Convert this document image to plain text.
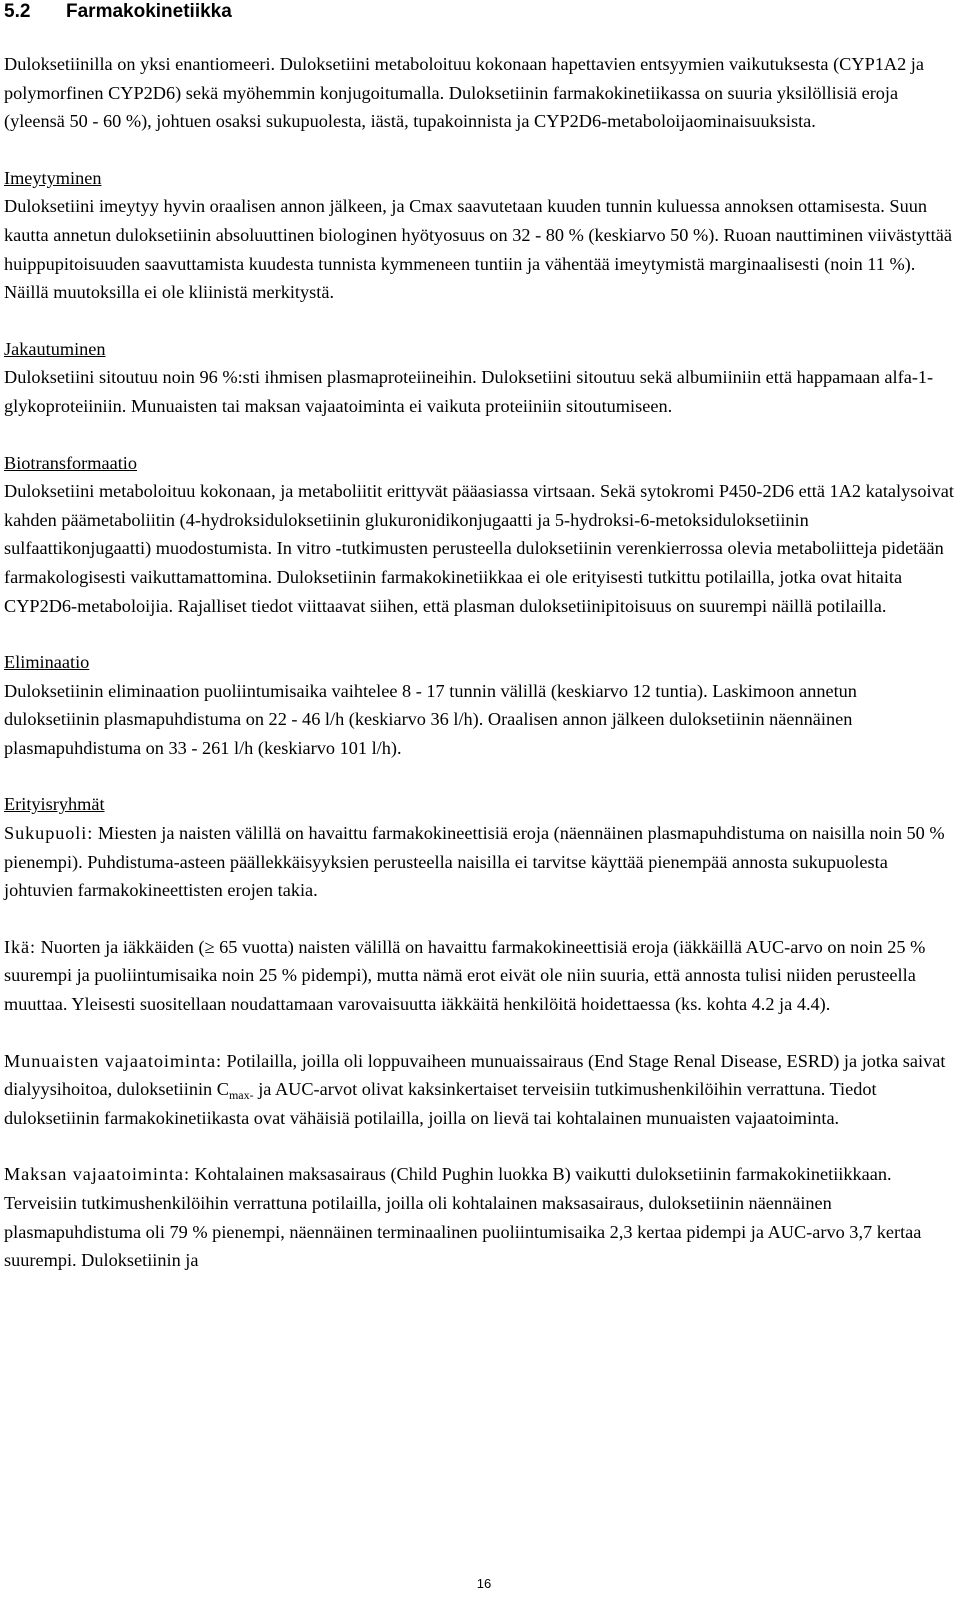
5.2 Farmakokinetiikka

Duloksetiinilla on yksi enantiomeeri. Duloksetiini metaboloituu kokonaan hapettavien entsyymien vaikutuksesta (CYP1A2 ja polymorfinen CYP2D6) sekä myöhemmin konjugoitumalla. Duloksetiinin farmakokinetiikassa on suuria yksilöllisiä eroja (yleensä 50 - 60 %), johtuen osaksi sukupuolesta, iästä, tupakoinnista ja CYP2D6-metaboloijaominaisuuksista.

Imeytyminen

Duloksetiini imeytyy hyvin oraalisen annon jälkeen, ja Cmax saavutetaan kuuden tunnin kuluessa annoksen ottamisesta. Suun kautta annetun duloksetiinin absoluuttinen biologinen hyötyosuus on 32 - 80 % (keskiarvo 50 %). Ruoan nauttiminen viivästyttää huippupitoisuuden saavuttamista kuudesta tunnista kymmeneen tuntiin ja vähentää imeytymistä marginaalisesti (noin 11 %). Näillä muutoksilla ei ole kliinistä merkitystä.

Jakautuminen

Duloksetiini sitoutuu noin 96 %:sti ihmisen plasmaproteiineihin. Duloksetiini sitoutuu sekä albumiiniin että happamaan alfa-1-glykoproteiiniin. Munuaisten tai maksan vajaatoiminta ei vaikuta proteiiniin sitoutumiseen.

Biotransformaatio

Duloksetiini metaboloituu kokonaan, ja metaboliitit erittyvät pääasiassa virtsaan. Sekä sytokromi P450-2D6 että 1A2 katalysoivat kahden päämetaboliitin (4-hydroksiduloksetiinin glukuronidikonjugaatti ja 5-hydroksi-6-metoksiduloksetiinin sulfaattikonjugaatti) muodostumista. In vitro -tutkimusten perusteella duloksetiinin verenkierrossa olevia metaboliitteja pidetään farmakologisesti vaikuttamattomina. Duloksetiinin farmakokinetiikkaa ei ole erityisesti tutkittu potilailla, jotka ovat hitaita CYP2D6-metaboloijia. Rajalliset tiedot viittaavat siihen, että plasman duloksetiinipitoisuus on suurempi näillä potilailla.

Eliminaatio

Duloksetiinin eliminaation puoliintumisaika vaihtelee 8 - 17 tunnin välillä (keskiarvo 12 tuntia). Laskimoon annetun duloksetiinin plasmapuhdistuma on 22 - 46 l/h (keskiarvo 36 l/h). Oraalisen annon jälkeen duloksetiinin näennäinen plasmapuhdistuma on 33 - 261 l/h (keskiarvo 101 l/h).

Erityisryhmät

Sukupuoli: Miesten ja naisten välillä on havaittu farmakokineettisiä eroja (näennäinen plasmapuhdistuma on naisilla noin 50 % pienempi). Puhdistuma-asteen päällekkäisyyksien perusteella naisilla ei tarvitse käyttää pienempää annosta sukupuolesta johtuvien farmakokineettisten erojen takia.

Ikä: Nuorten ja iäkkäiden (≥ 65 vuotta) naisten välillä on havaittu farmakokineettisiä eroja (iäkkäillä AUC-arvo on noin 25 % suurempi ja puoliintumisaika noin 25 % pidempi), mutta nämä erot eivät ole niin suuria, että annosta tulisi niiden perusteella muuttaa. Yleisesti suositellaan noudattamaan varovaisuutta iäkkäitä henkilöitä hoidettaessa (ks. kohta 4.2 ja 4.4).

Munuaisten vajaatoiminta: Potilailla, joilla oli loppuvaiheen munuaissairaus (End Stage Renal Disease, ESRD) ja jotka saivat dialyysihoitoa, duloksetiinin $C_{max-}$ ja AUC-arvot olivat kaksinkertaiset terveisiin tutkimushenkilöihin verrattuna. Tiedot duloksetiinin farmakokinetiikasta ovat vähäisiä potilailla, joilla on lievä tai kohtalainen munuaisten vajaatoiminta.

Maksan vajaatoiminta: Kohtalainen maksasairaus (Child Pughin luokka B) vaikutti duloksetiinin farmakokinetiikkaan. Terveisiin tutkimushenkilöihin verrattuna potilailla, joilla oli kohtalainen maksasairaus, duloksetiinin näennäinen plasmapuhdistuma oli 79 % pienempi, näennäinen terminaalinen puoliintumisaika 2,3 kertaa pidempi ja AUC-arvo 3,7 kertaa suurempi. Duloksetiinin ja

16
